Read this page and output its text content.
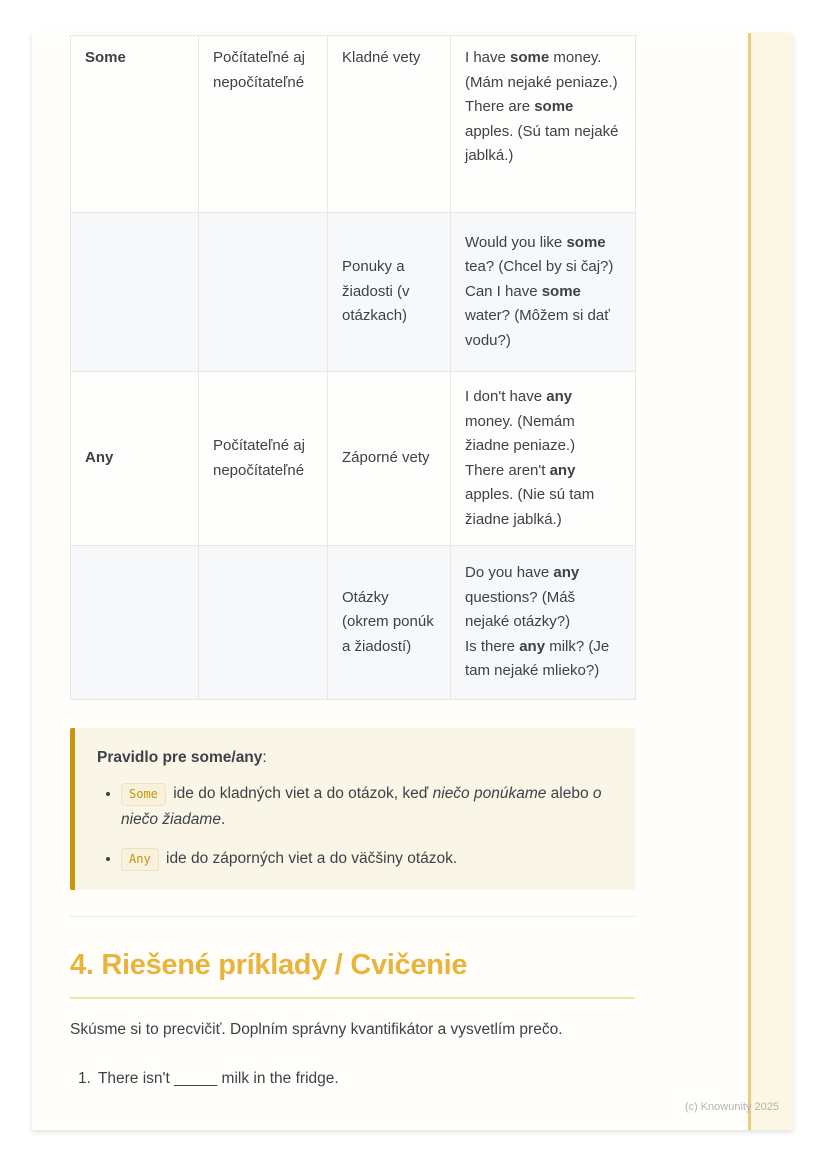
Some	Počítateľné aj nepočítateľné	Kladné vety	I have some money. (Mám nejaké peniaze.)
There are some apples. (Sú tam nejaké jablká.)
		Ponuky a žiadosti (v otázkach)	Would you like some tea? (Chcel by si čaj?)
Can I have some water? (Môžem si dať vodu?)
Any	Počítateľné aj nepočítateľné	Záporné vety	I don't have any money. (Nemám žiadne peniaze.)
There aren't any apples. (Nie sú tam žiadne jablká.)
		Otázky (okrem ponúk a žiadostí)	Do you have any questions? (Máš nejaké otázky?)
Is there any milk? (Je tam nejaké mlieko?)
Pravidlo pre some/any:
• Some ide do kladných viet a do otázok, keď niečo ponúkame alebo o niečo žiadame.
• Any ide do záporných viet a do väčšiny otázok.
4. Riešené príklady / Cvičenie

Skúsme si to precvičiť. Doplním správny kvantifikátor a vysvetlím prečo.

1. There isn't _____ milk in the fridge.
(c) Knowunity 2025
